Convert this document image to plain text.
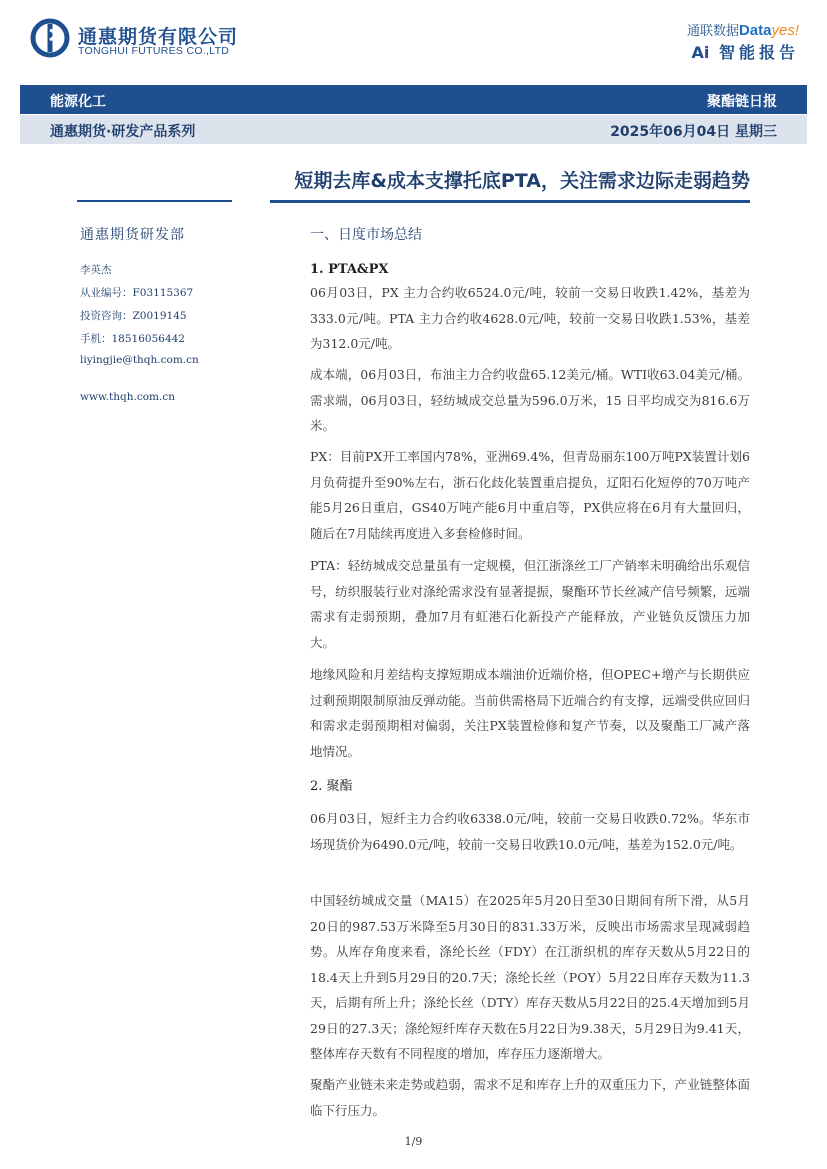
通惠期货有限公司
TONGHUI FUTURES CO.,LTD
通联数据Datayes!
Ai 智能报告
能源化工	聚酯链日报
通惠期货·研发产品系列	2025年06月04日 星期三
短期去库&成本支撑托底PTA，关注需求边际走弱趋势
通惠期货研发部
李英杰
从业编号：F03115367
投资咨询：Z0019145
手机：18516056442
liyingjie@thqh.com.cn
www.thqh.com.cn
一、日度市场总结
1. PTA&PX
06月03日，PX 主力合约收6524.0元/吨，较前一交易日收跌1.42%，基差为333.0元/吨。PTA 主力合约收4628.0元/吨，较前一交易日收跌1.53%，基差为312.0元/吨。
成本端，06月03日，布油主力合约收盘65.12美元/桶。WTI收63.04美元/桶。需求端，06月03日，轻纺城成交总量为596.0万米，15 日平均成交为816.6万米。
PX：目前PX开工率国内78%，亚洲69.4%，但青岛丽东100万吨PX装置计划6月负荷提升至90%左右，浙石化歧化装置重启提负，辽阳石化短停的70万吨产能5月26日重启，GS40万吨产能6月中重启等，PX供应将在6月有大量回归，随后在7月陆续再度进入多套检修时间。
PTA：轻纺城成交总量虽有一定规模，但江浙涤丝工厂产销率未明确给出乐观信号，纺织服装行业对涤纶需求没有显著提振，聚酯环节长丝减产信号频繁，远端需求有走弱预期，叠加7月有虹港石化新投产产能释放，产业链负反馈压力加大。
地缘风险和月差结构支撑短期成本端油价近端价格，但OPEC+增产与长期供应过剩预期限制原油反弹动能。当前供需格局下近端合约有支撑，远端受供应回归和需求走弱预期相对偏弱，关注PX装置检修和复产节奏，以及聚酯工厂减产落地情况。
2. 聚酯
06月03日，短纤主力合约收6338.0元/吨，较前一交易日收跌0.72%。华东市场现货价为6490.0元/吨，较前一交易日收跌10.0元/吨，基差为152.0元/吨。
中国轻纺城成交量（MA15）在2025年5月20日至30日期间有所下滑，从5月20日的987.53万米降至5月30日的831.33万米，反映出市场需求呈现减弱趋势。从库存角度来看，涤纶长丝（FDY）在江浙织机的库存天数从5月22日的18.4天上升到5月29日的20.7天；涤纶长丝（POY）5月22日库存天数为11.3天，后期有所上升；涤纶长丝（DTY）库存天数从5月22日的25.4天增加到5月29日的27.3天；涤纶短纤库存天数在5月22日为9.38天，5月29日为9.41天，整体库存天数有不同程度的增加，库存压力逐渐增大。
聚酯产业链未来走势或趋弱，需求不足和库存上升的双重压力下，产业链整体面临下行压力。
1/9
